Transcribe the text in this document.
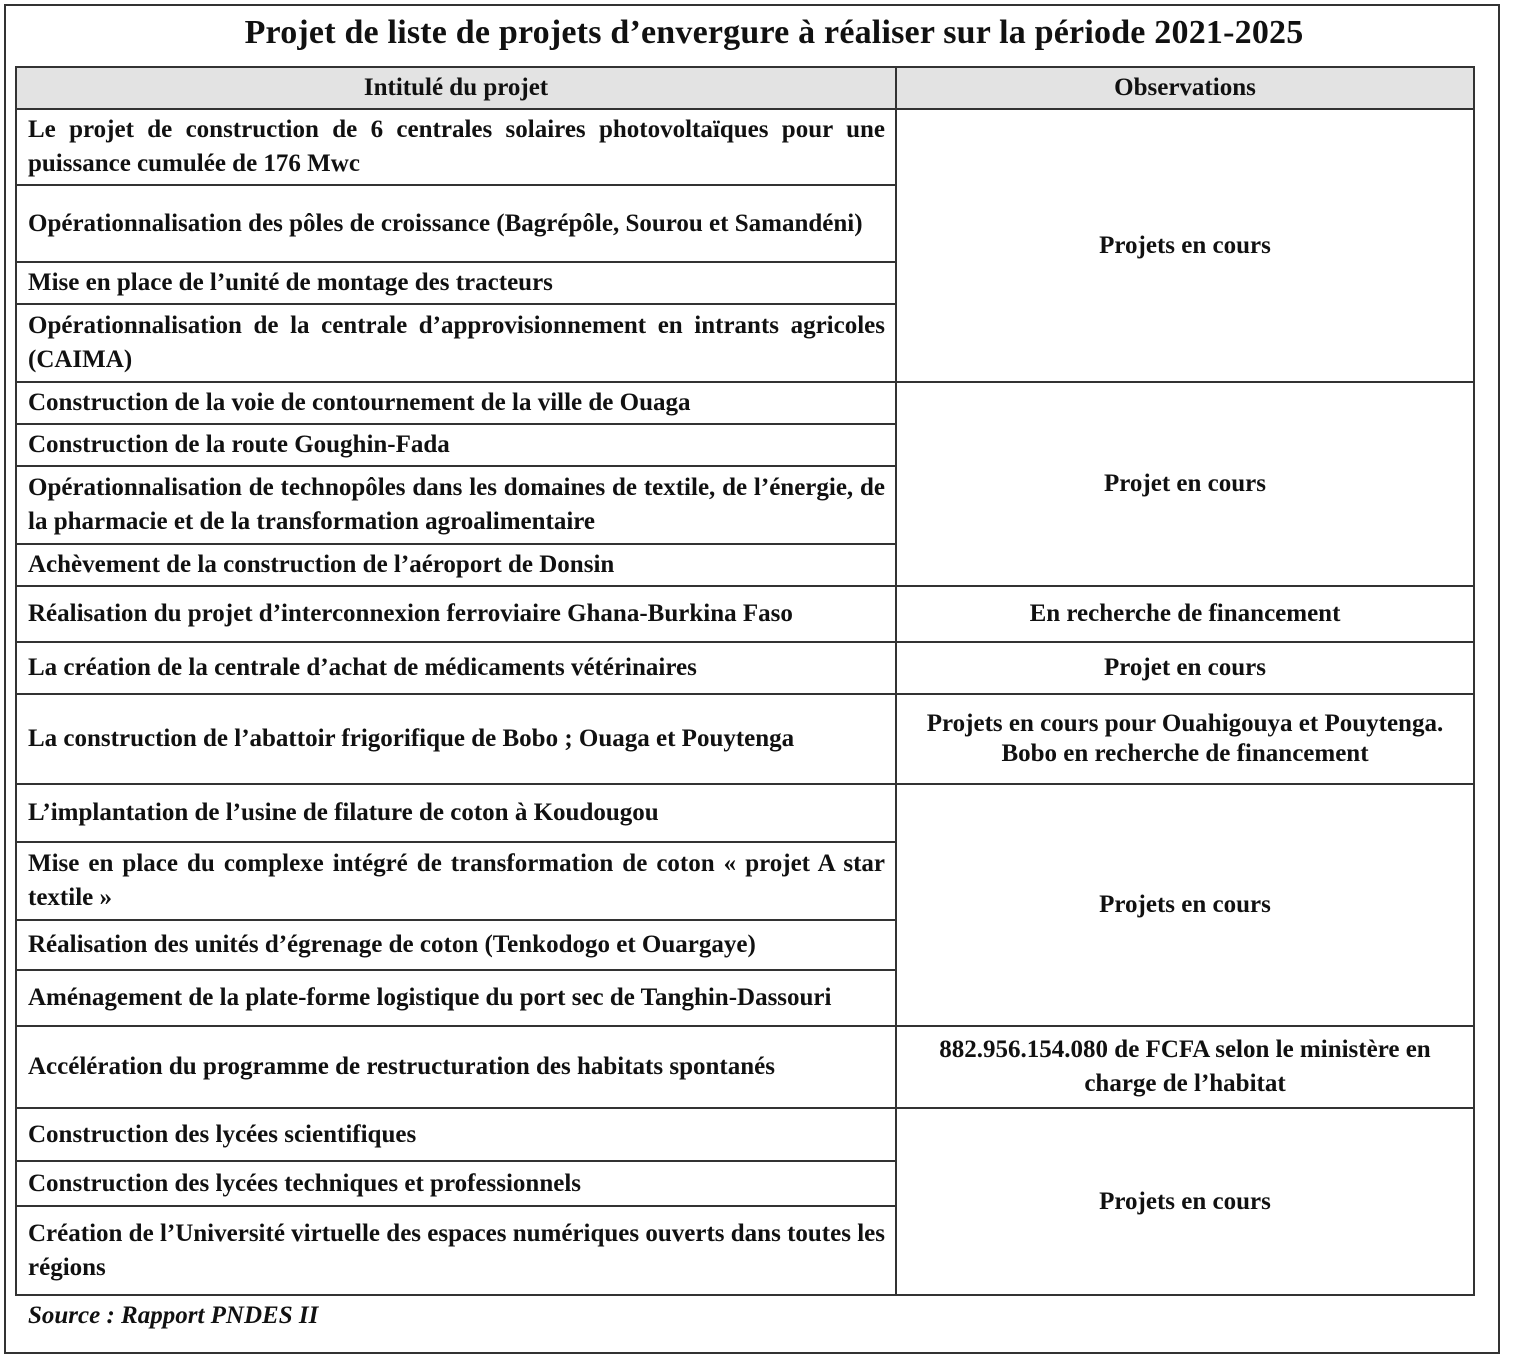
Projet de liste de projets d’envergure à réaliser sur la période 2021-2025
Intitulé du projet	Observations
Le projet de construction de 6 centrales solaires photovoltaïques pour une puissance cumulée de 176 Mwc	Projets en cours
Opérationnalisation des pôles de croissance (Bagrépôle, Sourou et Samandéni)	
Mise en place de l’unité de montage des tracteurs	
Opérationnalisation de la centrale d’approvisionnement en intrants agricoles (CAIMA)	
Construction de la voie de contournement de la ville de Ouaga	Projet en cours
Construction de la route Goughin-Fada	
Opérationnalisation de technopôles dans les domaines de textile, de l’énergie, de la pharmacie et de la transformation agroalimentaire	
Achèvement de la construction de l’aéroport de Donsin	
Réalisation du projet d’interconnexion ferroviaire Ghana-Burkina Faso	En recherche de financement
La création de la centrale d’achat de médicaments vétérinaires	Projet en cours
La construction de l’abattoir frigorifique de Bobo ; Ouaga et Pouytenga	Projets en cours pour Ouahigouya et Pouytenga. Bobo en recherche de financement
L’implantation de l’usine de filature de coton à Koudougou	Projets en cours
Mise en place du complexe intégré de transformation de coton « projet A star textile »	
Réalisation des unités d’égrenage de coton (Tenkodogo et Ouargaye)	
Aménagement de la plate-forme logistique du port sec de Tanghin-Dassouri	
Accélération du programme de restructuration des habitats spontanés	882.956.154.080 de FCFA selon le ministère en charge de l’habitat
Construction des lycées scientifiques	Projets en cours
Construction des lycées techniques et professionnels	
Création de l’Université virtuelle des espaces numériques ouverts dans toutes les régions	
Source : Rapport PNDES II
